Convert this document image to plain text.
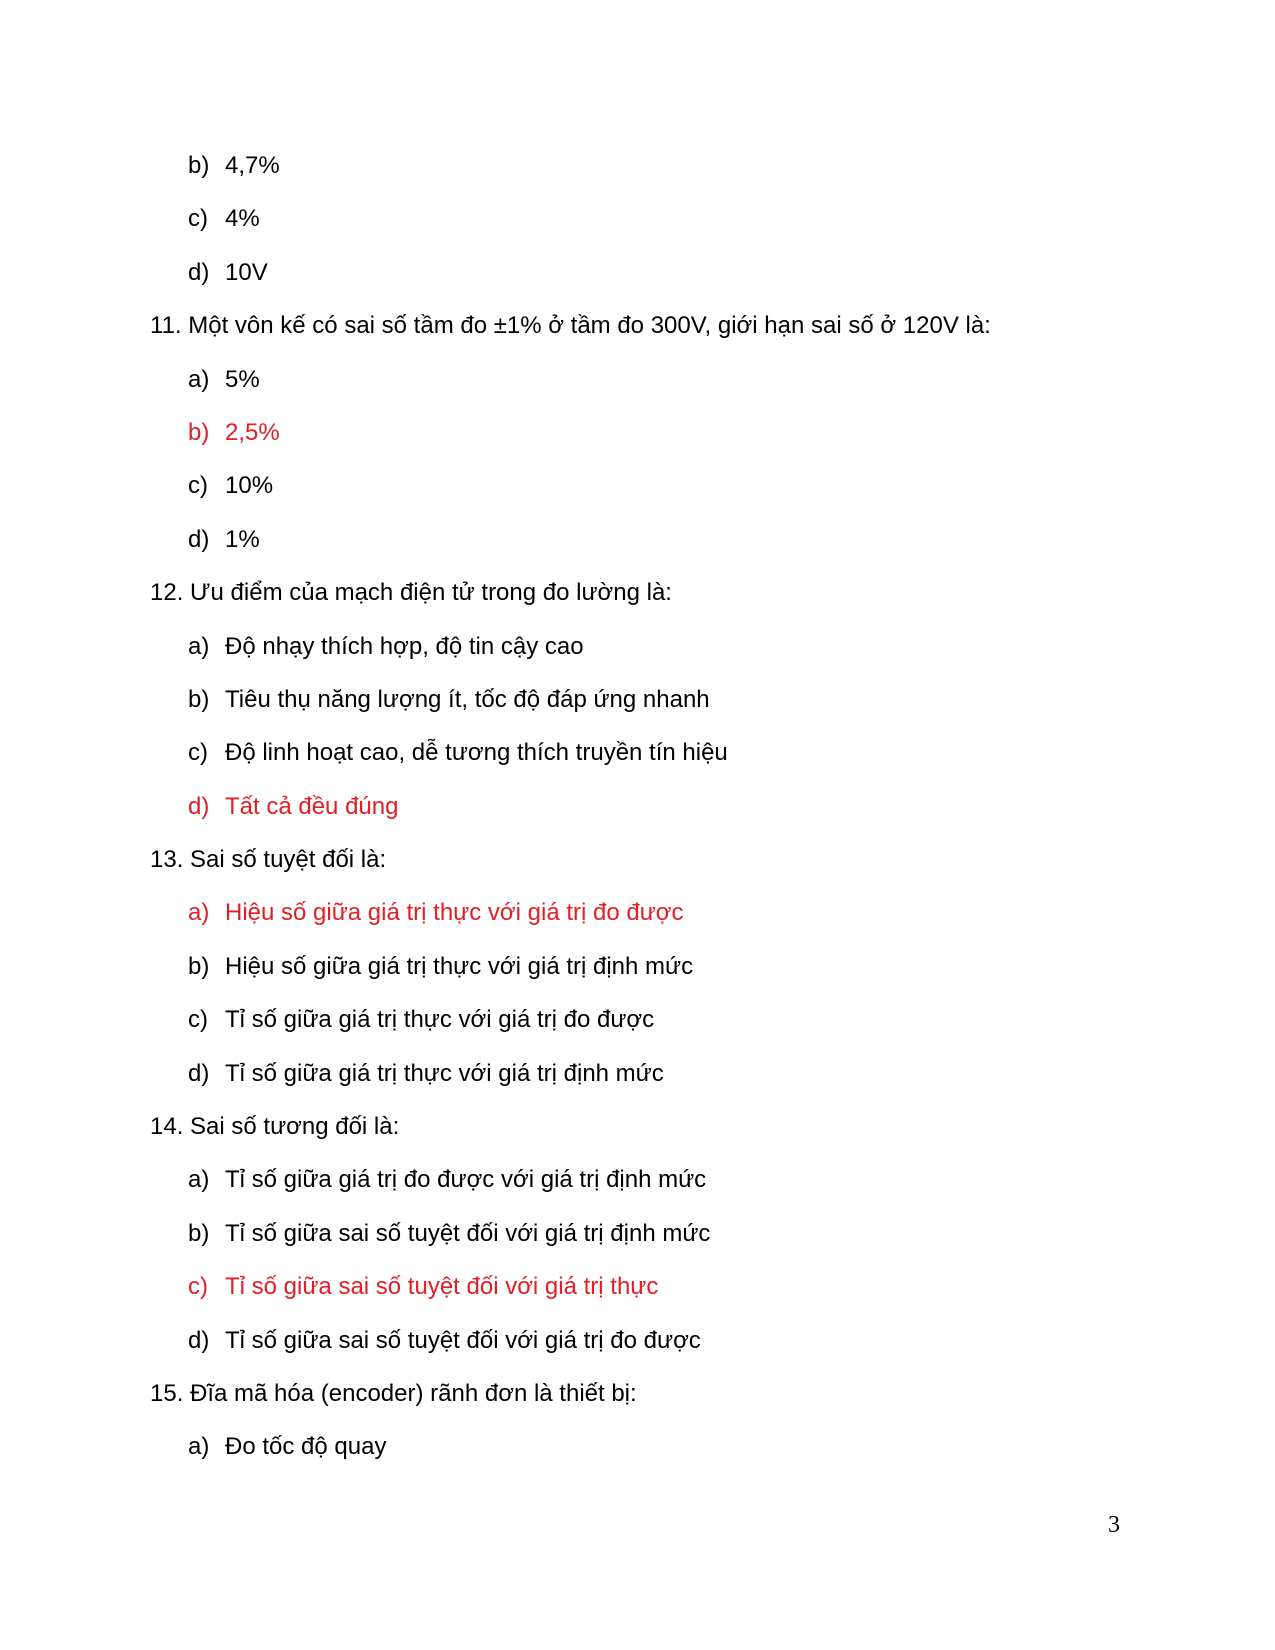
b) 4,7%
c) 4%
d) 10V
11. Một vôn kế có sai số tầm đo ±1% ở tầm đo 300V, giới hạn sai số ở 120V là:
a) 5%
b) 2,5%
c) 10%
d) 1%
12. Ưu điểm của mạch điện tử trong đo lường là:
a) Độ nhạy thích hợp, độ tin cậy cao
b) Tiêu thụ năng lượng ít, tốc độ đáp ứng nhanh
c) Độ linh hoạt cao, dễ tương thích truyền tín hiệu
d) Tất cả đều đúng
13. Sai số tuyệt đối là:
a) Hiệu số giữa giá trị thực với giá trị đo được
b) Hiệu số giữa giá trị thực với giá trị định mức
c) Tỉ số giữa giá trị thực với giá trị đo được
d) Tỉ số giữa giá trị thực với giá trị định mức
14. Sai số tương đối là:
a) Tỉ số giữa giá trị đo được với giá trị định mức
b) Tỉ số giữa sai số tuyệt đối với giá trị định mức
c) Tỉ số giữa sai số tuyệt đối với giá trị thực
d) Tỉ số giữa sai số tuyệt đối với giá trị đo được
15. Đĩa mã hóa (encoder) rãnh đơn là thiết bị:
a) Đo tốc độ quay
3
